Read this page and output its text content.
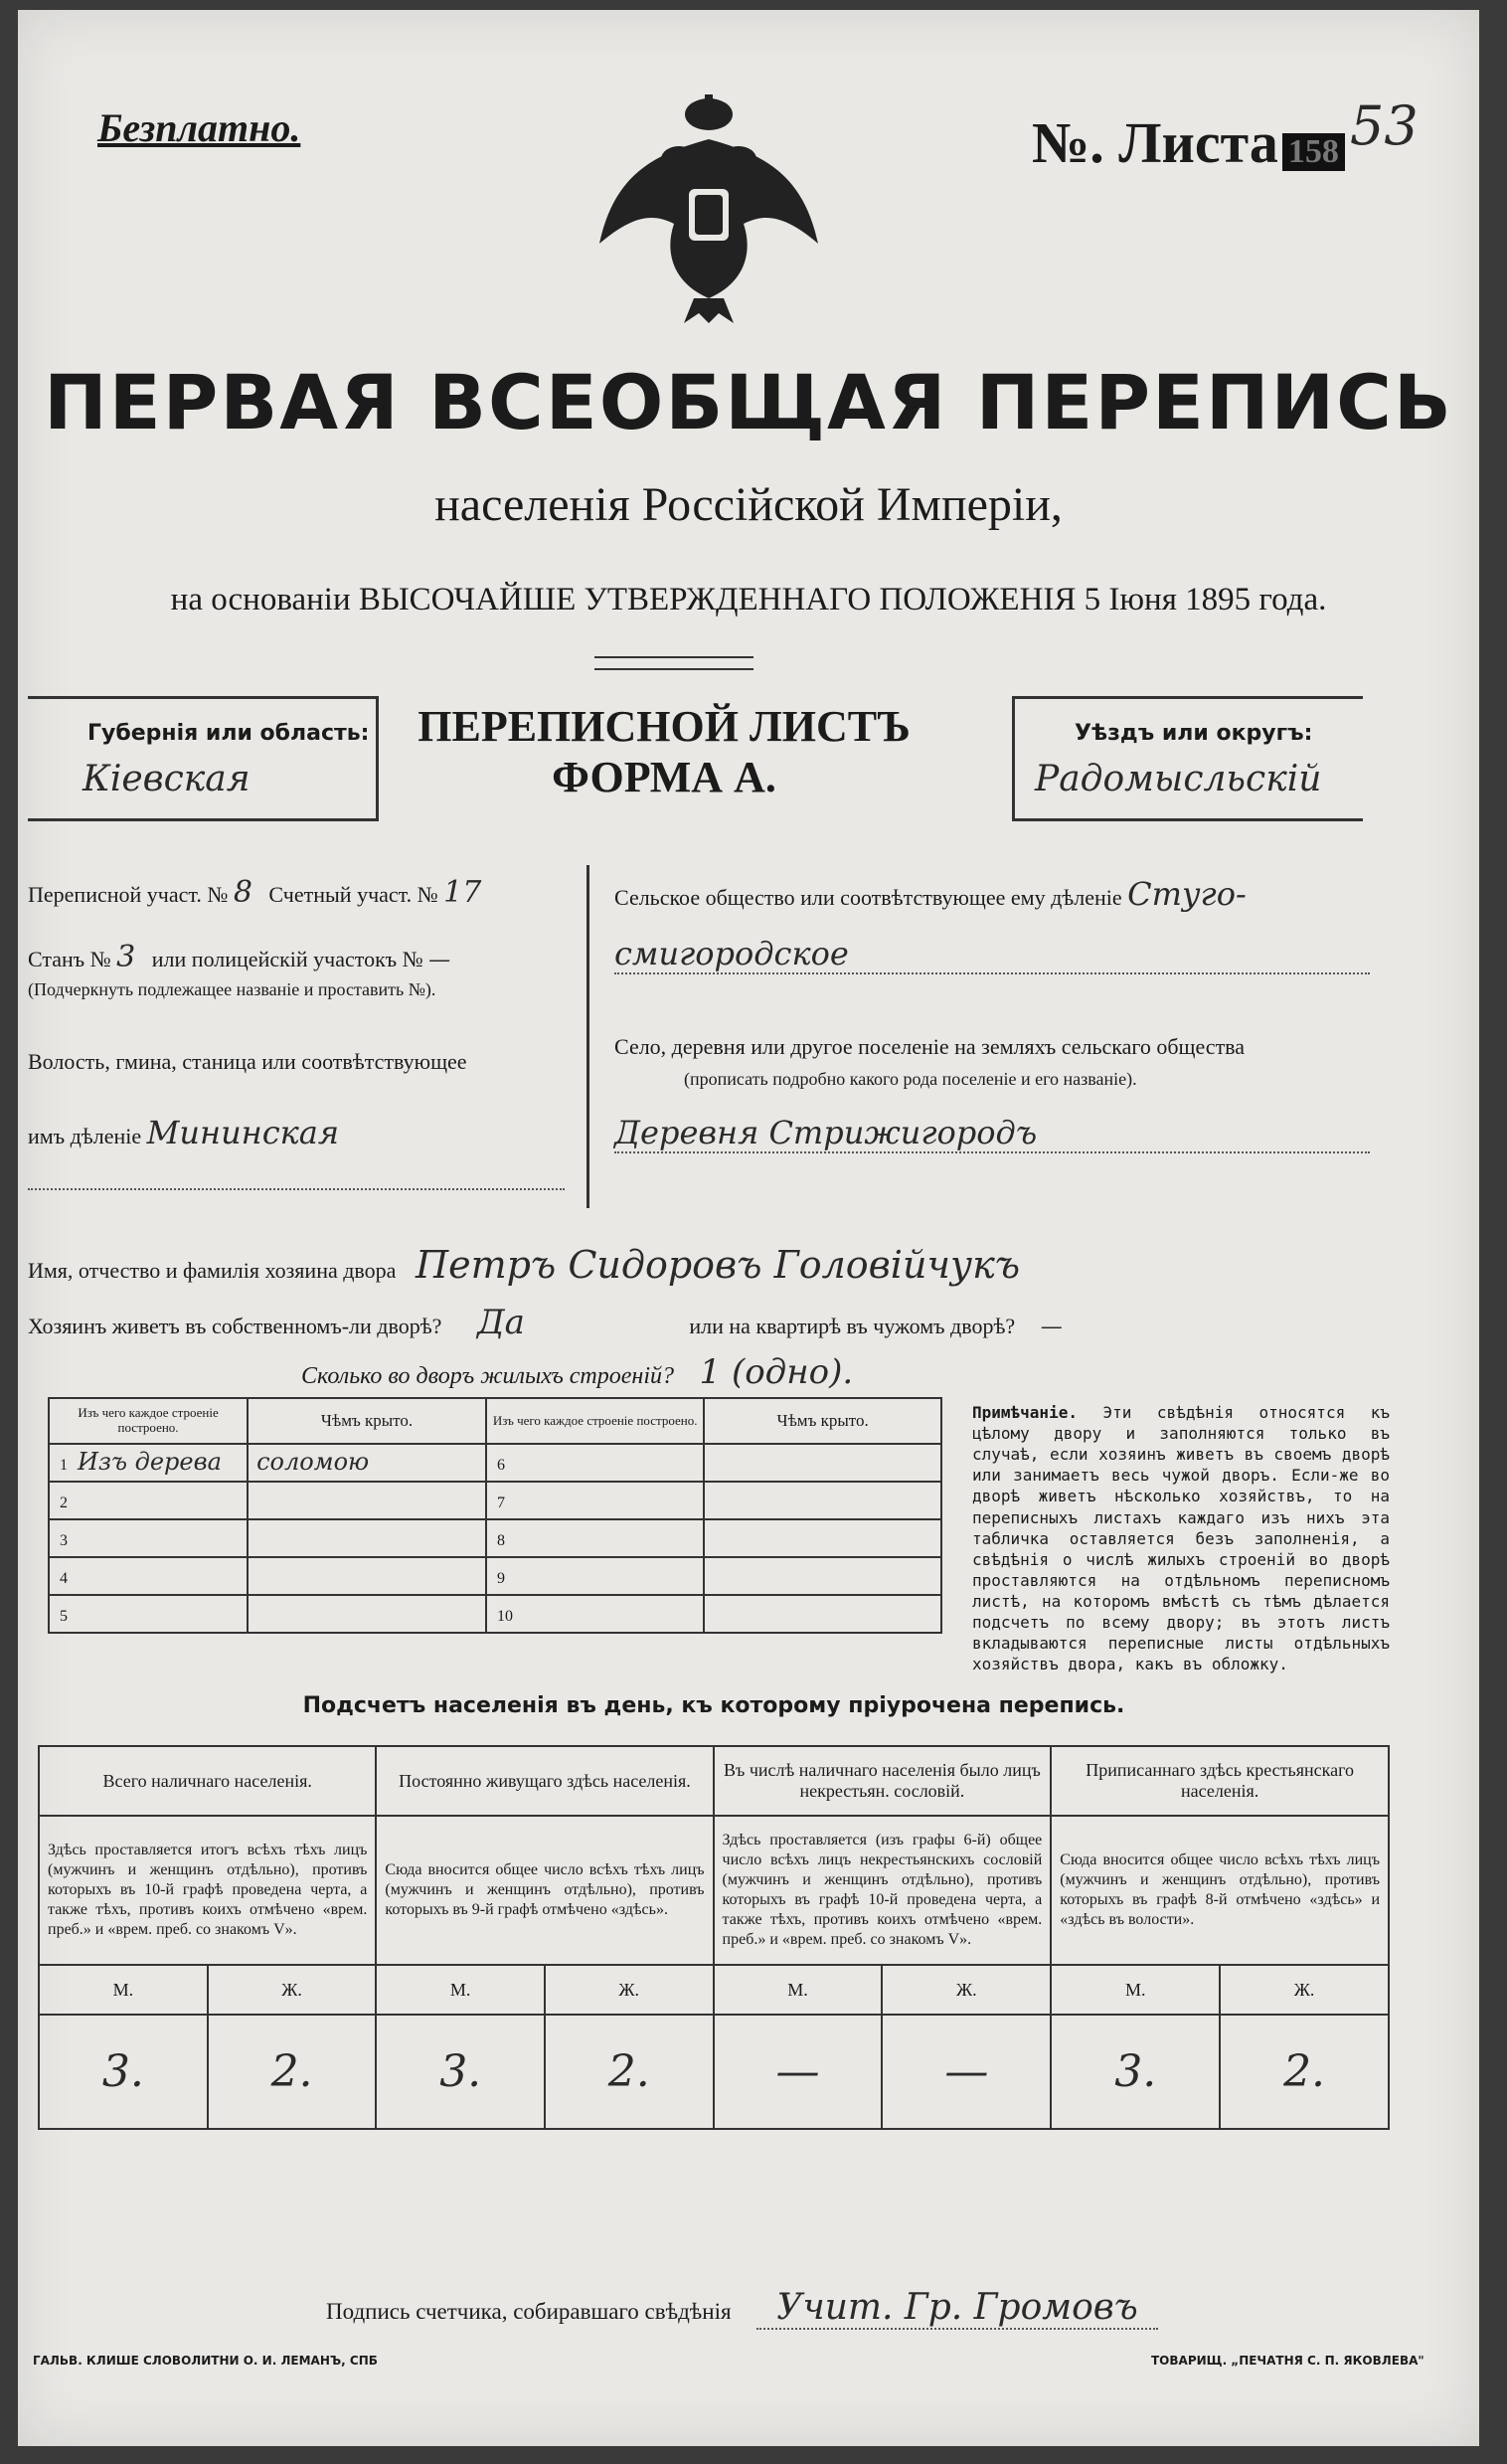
Безплатно.	№. Листа 158 53
ПЕРВАЯ ВСЕОБЩАЯ ПЕРЕПИСЬ
населенія Россійской Имперіи,
на основаніи ВЫСОЧАЙШЕ УТВЕРЖДЕННАГО ПОЛОЖЕНІЯ 5 Іюня 1895 года.
Губернія или область:
Кіевская
ПЕРЕПИСНОЙ ЛИСТЪ
ФОРМА А.
Уѣздъ или округъ:
Радомысльскій
Переписной участ. № 8 Счетный участ. № 17
Станъ № 3 или полицейскій участокъ № —
(Подчеркнуть подлежащее названіе и проставить №).
Волость, гмина, станица или соотвѣтствующее
имъ дѣленіе Мининская
Сельское общество или соотвѣтствующее ему дѣленіе Стуго-
смигородское
Село, деревня или другое поселеніе на земляхъ сельскаго общества
(прописать подробно какого рода поселеніе и его названіе).
Деревня Стрижигородъ
Имя, отчество и фамилія хозяина двора Петръ Сидоровъ Головійчукъ
Хозяинъ живетъ въ собственномъ-ли дворѣ? Да	или на квартирѣ въ чужомъ дворѣ? —
Сколько во дворъ жилыхъ строеній? 1 (одно).
Изъ чего каждое строеніе построено.	Чѣмъ крыто.	Изъ чего каждое строеніе построено.	Чѣмъ крыто.
1 Изъ дерева	соломою	6	
2		7	
3		8	
4		9	
5		10	
Примѣчаніе. Эти свѣдѣнія относятся къ цѣлому двору и заполняются только въ случаѣ, если хозяинъ живетъ въ своемъ дворѣ или занимаетъ весь чужой дворъ. Если-же во дворѣ живетъ нѣсколько хозяйствъ, то на переписныхъ листахъ каждаго изъ нихъ эта табличка оставляется безъ заполненія, а свѣдѣнія о числѣ жилыхъ строеній во дворѣ проставляются на отдѣльномъ переписномъ листѣ, на которомъ вмѣстѣ съ тѣмъ дѣлается подсчетъ по всему двору; въ этотъ листъ вкладываются переписные листы отдѣльныхъ хозяйствъ двора, какъ въ обложку.
Подсчетъ населенія въ день, къ которому пріурочена перепись.
Всего наличнаго населенія.		Постоянно живущаго здѣсь населенія.		Въ числѣ наличнаго населенія было лицъ некрестьян. сословій.		Приписаннаго здѣсь крестьянскаго населенія.	
Здѣсь проставляется итогъ всѣхъ тѣхъ лицъ (мужчинъ и женщинъ отдѣльно), противъ которыхъ въ 10-й графѣ проведена черта, а также тѣхъ, противъ коихъ отмѣчено «врем. преб.» и «врем. преб. со знакомъ V».		Сюда вносится общее число всѣхъ тѣхъ лицъ (мужчинъ и женщинъ отдѣльно), противъ которыхъ въ 9-й графѣ отмѣчено «здѣсь».		Здѣсь проставляется (изъ графы 6-й) общее число всѣхъ лицъ некрестьянскихъ сословій (мужчинъ и женщинъ отдѣльно), противъ которыхъ въ графѣ 10-й проведена черта, а также тѣхъ, противъ коихъ отмѣчено «врем. преб.» и «врем. преб. со знакомъ V».		Сюда вносится общее число всѣхъ тѣхъ лицъ (мужчинъ и женщинъ отдѣльно), противъ которыхъ въ графѣ 8-й отмѣчено «здѣсь» и «здѣсь въ волости».	
М.	Ж.	М.	Ж.	М.	Ж.	М.	Ж.
3.	2.	3.	2.	—	—	3.	2.
Подпись счетчика, собиравшаго свѣдѣнія Учит. Гр. Громовъ
ГАЛЬВ. КЛИШЕ СЛОВОЛИТНИ О. И. ЛЕМАНЪ, СПБ	ТОВАРИЩ. „ПЕЧАТНЯ С. П. ЯКОВЛЕВА"
